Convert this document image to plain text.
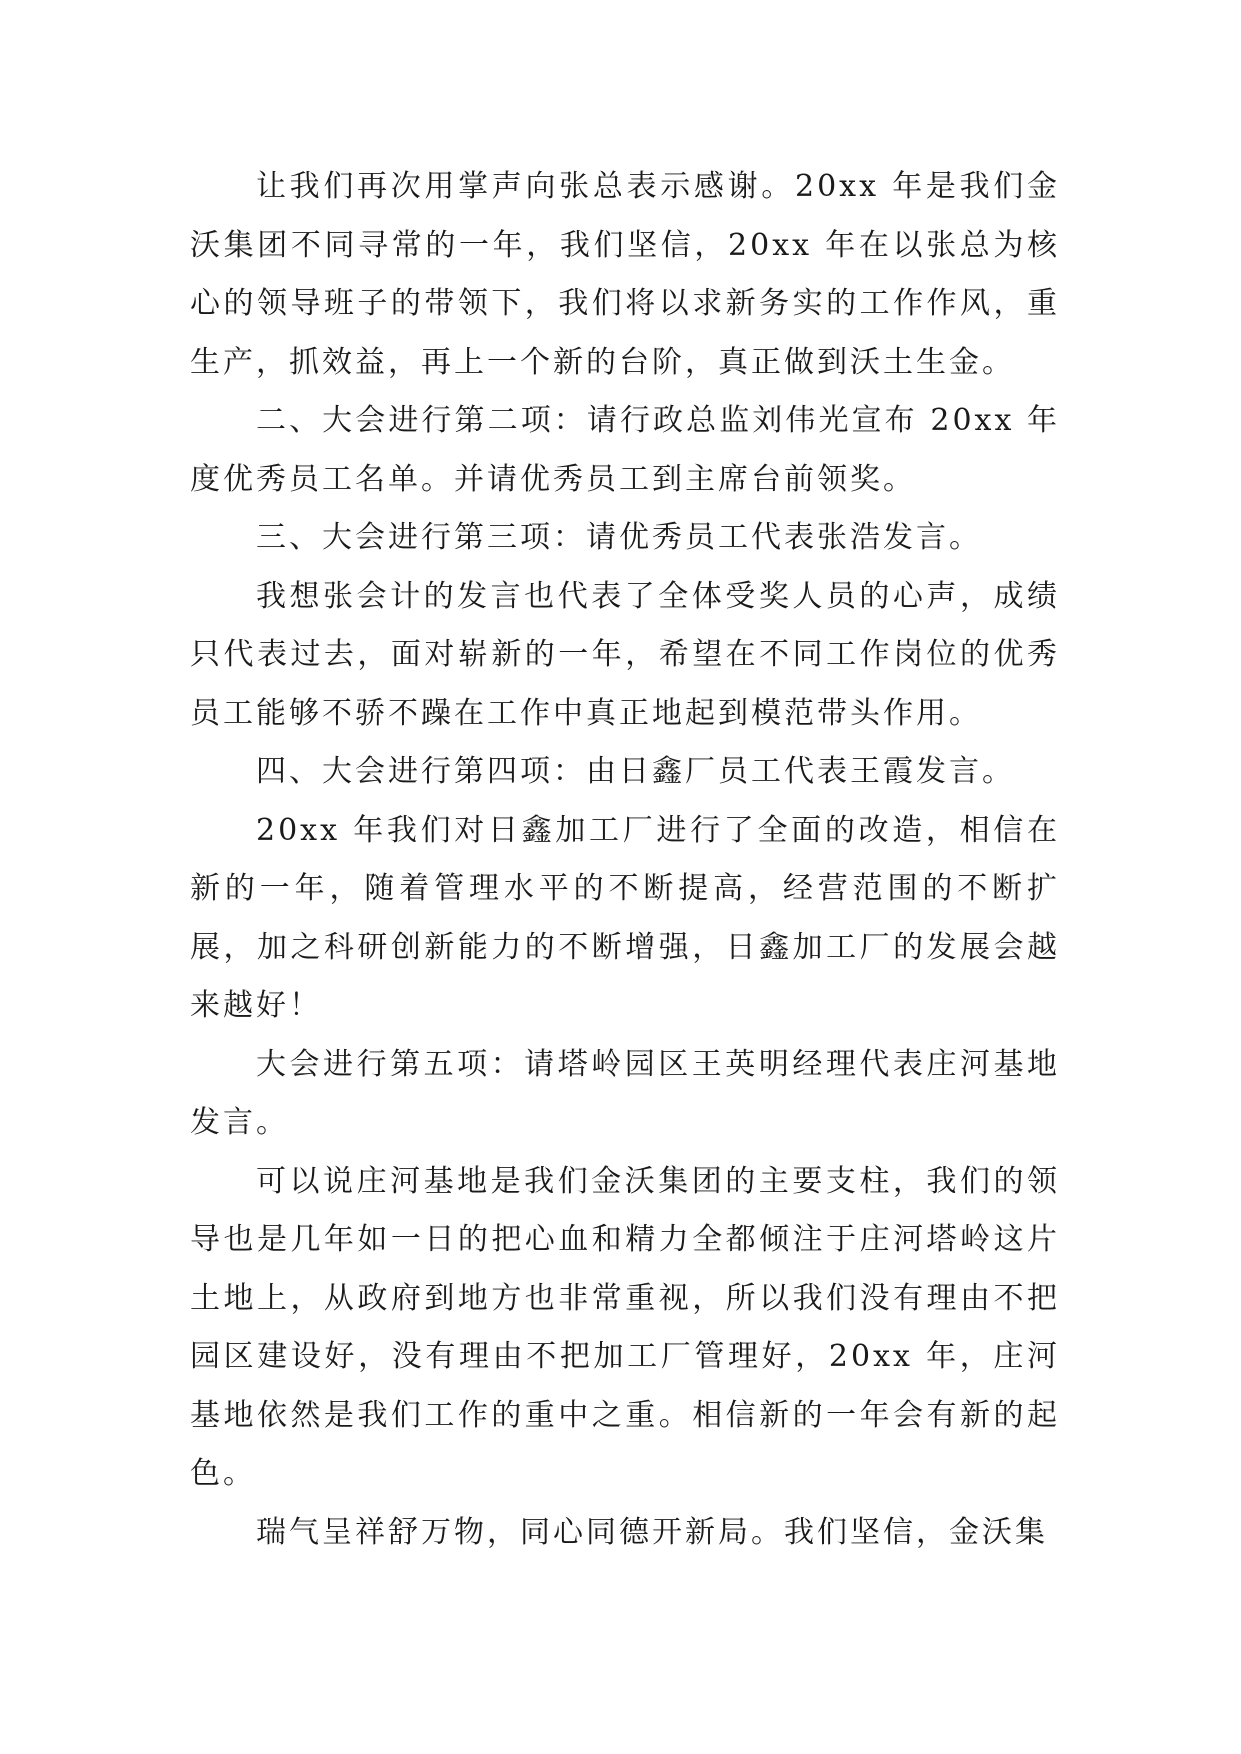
让我们再次用掌声向张总表示感谢。20xx 年是我们金沃集团不同寻常的一年，我们坚信，20xx 年在以张总为核心的领导班子的带领下，我们将以求新务实的工作作风，重生产，抓效益，再上一个新的台阶，真正做到沃土生金。

二、大会进行第二项：请行政总监刘伟光宣布 20xx 年度优秀员工名单。并请优秀员工到主席台前领奖。

三、大会进行第三项：请优秀员工代表张浩发言。

我想张会计的发言也代表了全体受奖人员的心声，成绩只代表过去，面对崭新的一年，希望在不同工作岗位的优秀员工能够不骄不躁在工作中真正地起到模范带头作用。

四、大会进行第四项：由日鑫厂员工代表王霞发言。

20xx 年我们对日鑫加工厂进行了全面的改造，相信在新的一年，随着管理水平的不断提高，经营范围的不断扩展，加之科研创新能力的不断增强，日鑫加工厂的发展会越来越好！

大会进行第五项：请塔岭园区王英明经理代表庄河基地发言。

可以说庄河基地是我们金沃集团的主要支柱，我们的领导也是几年如一日的把心血和精力全都倾注于庄河塔岭这片土地上，从政府到地方也非常重视，所以我们没有理由不把园区建设好，没有理由不把加工厂管理好，20xx 年，庄河基地依然是我们工作的重中之重。相信新的一年会有新的起色。

瑞气呈祥舒万物，同心同德开新局。我们坚信，金沃集
